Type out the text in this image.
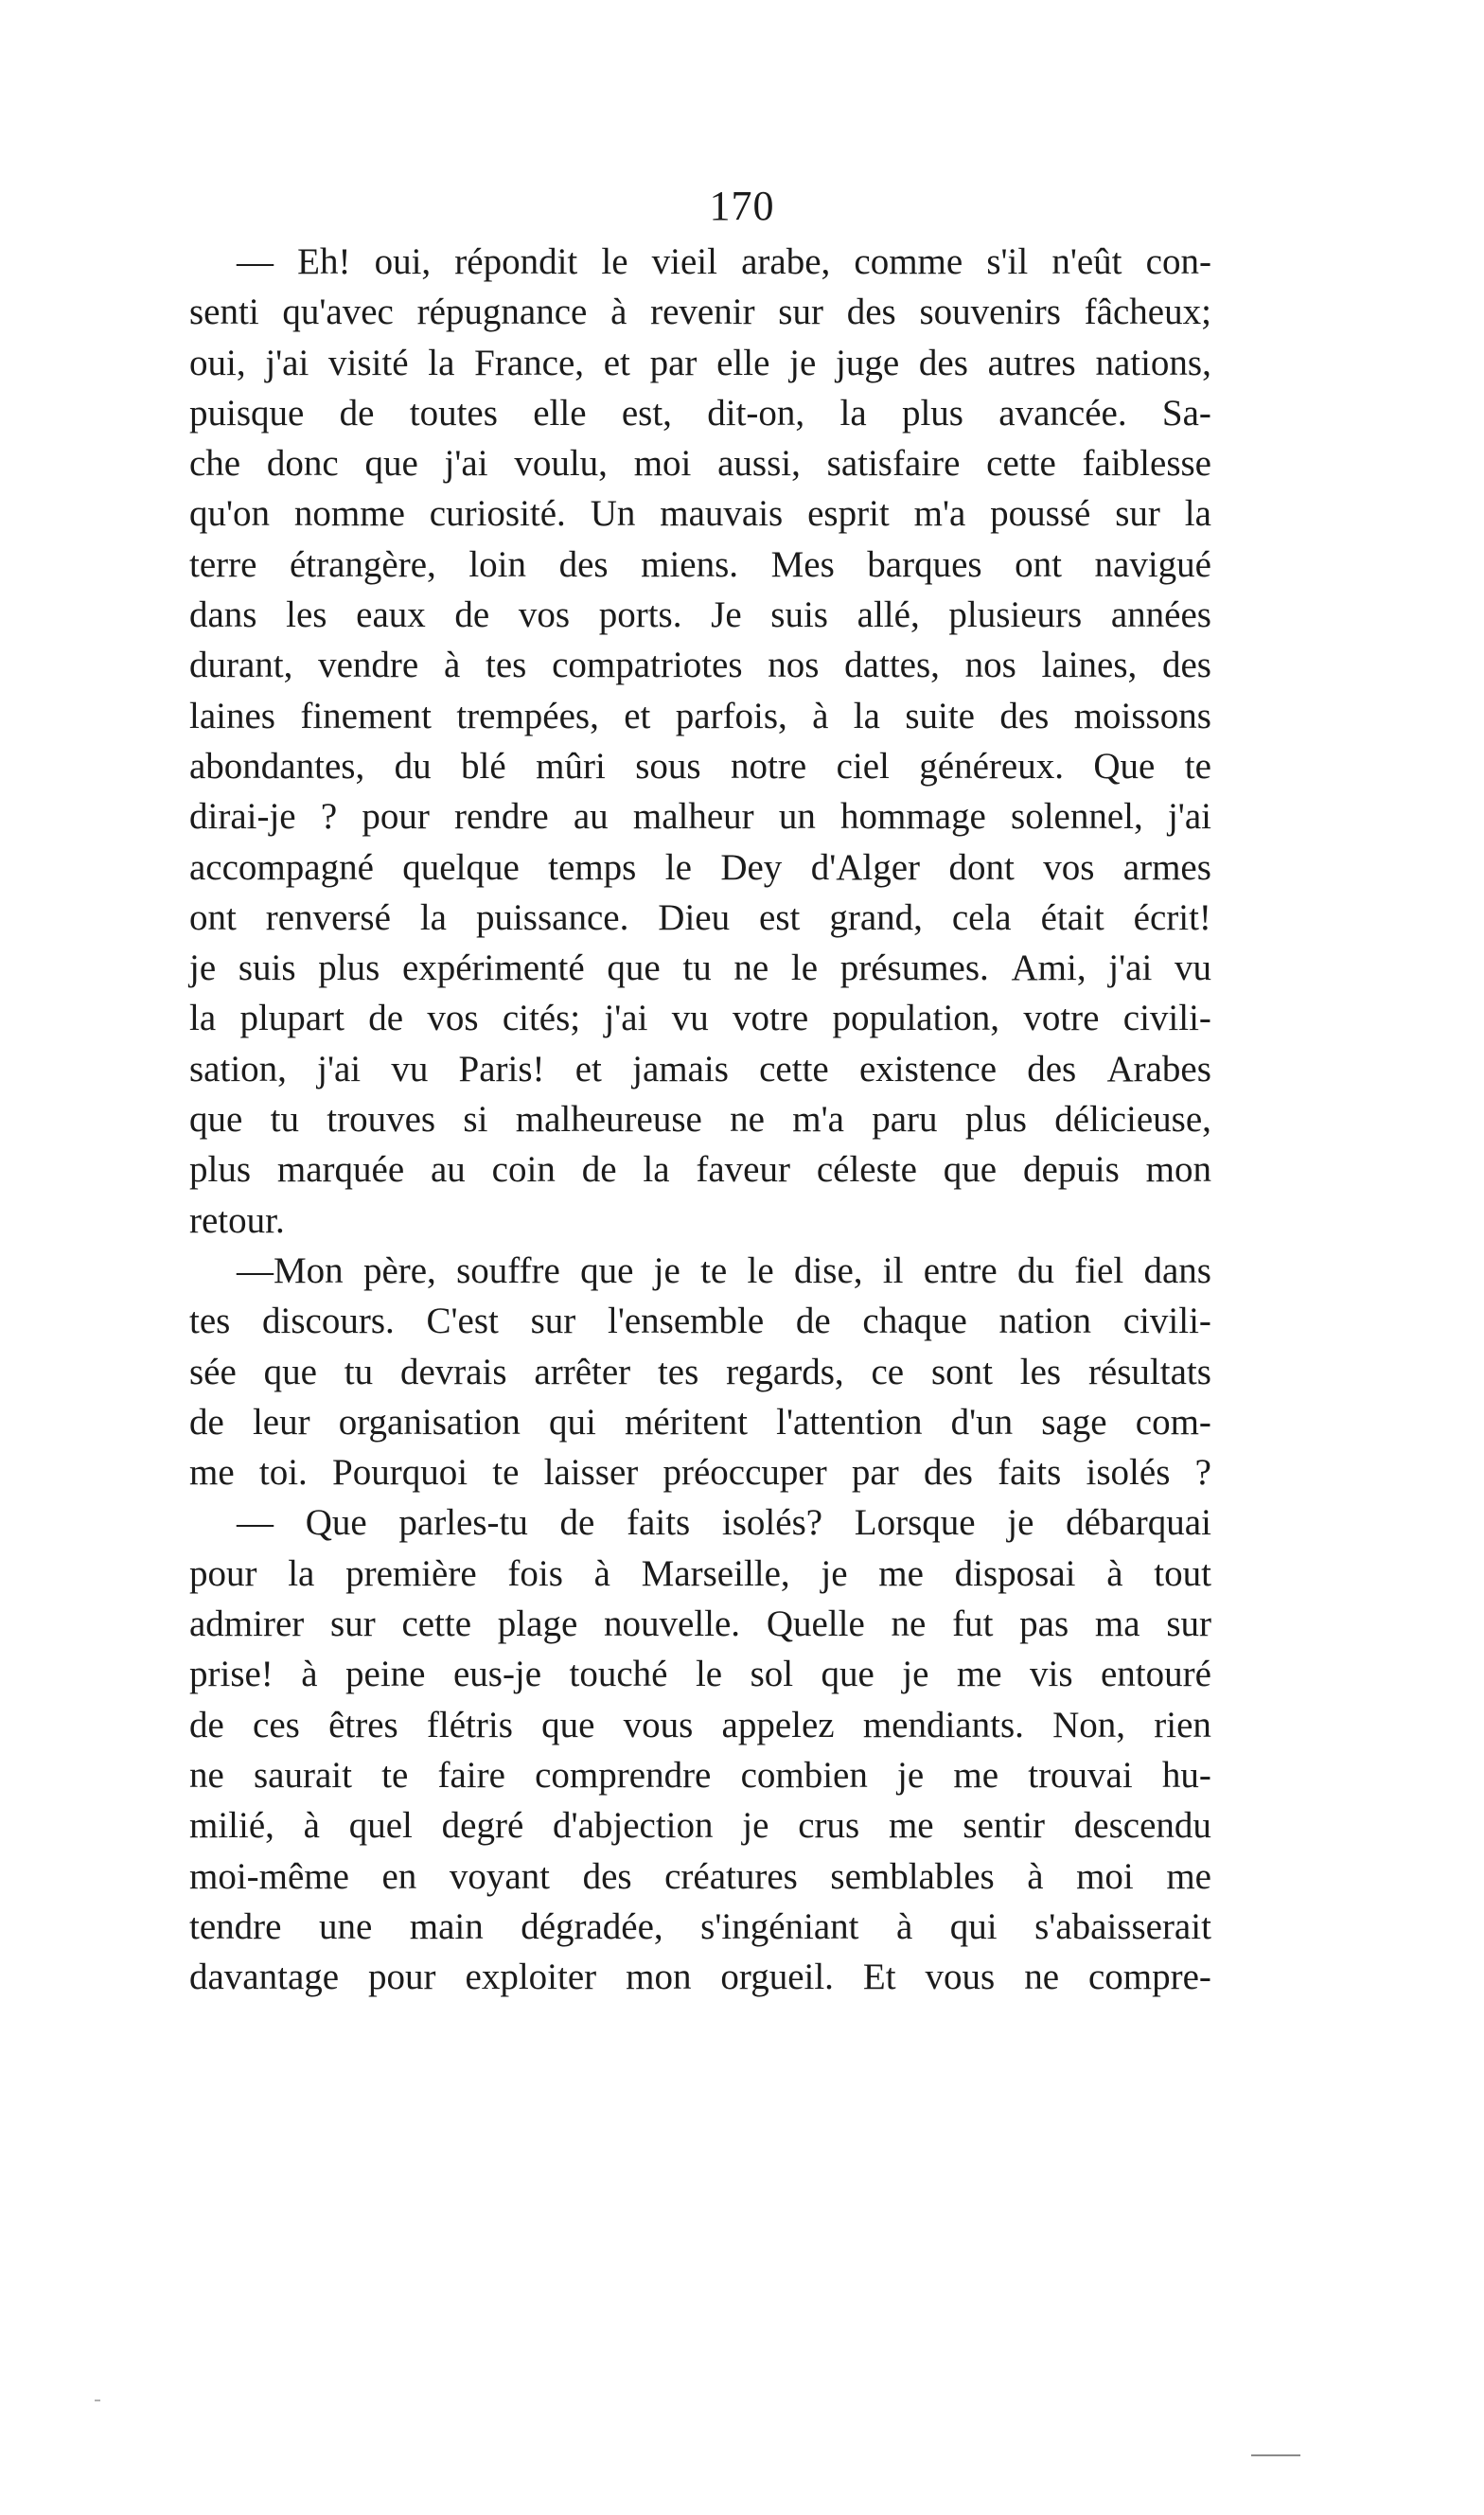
170
— Eh! oui, répondit le vieil arabe, comme s'il n'eût con-
senti qu'avec répugnance à revenir sur des souvenirs fâcheux;
oui, j'ai visité la France, et par elle je juge des autres nations,
puisque de toutes elle est, dit-on, la plus avancée. Sa-
che donc que j'ai voulu, moi aussi, satisfaire cette faiblesse
qu'on nomme curiosité. Un mauvais esprit m'a poussé sur la
terre étrangère, loin des miens. Mes barques ont navigué
dans les eaux de vos ports. Je suis allé, plusieurs années
durant, vendre à tes compatriotes nos dattes, nos laines, des
laines finement trempées, et parfois, à la suite des moissons
abondantes, du blé mûri sous notre ciel généreux. Que te
dirai-je ? pour rendre au malheur un hommage solennel, j'ai
accompagné quelque temps le Dey d'Alger dont vos armes
ont renversé la puissance. Dieu est grand, cela était écrit!
je suis plus expérimenté que tu ne le présumes. Ami, j'ai vu
la plupart de vos cités; j'ai vu votre population, votre civili-
sation, j'ai vu Paris! et jamais cette existence des Arabes
que tu trouves si malheureuse ne m'a paru plus délicieuse,
plus marquée au coin de la faveur céleste que depuis mon
retour.
—Mon père, souffre que je te le dise, il entre du fiel dans
tes discours. C'est sur l'ensemble de chaque nation civili-
sée que tu devrais arrêter tes regards, ce sont les résultats
de leur organisation qui méritent l'attention d'un sage com-
me toi. Pourquoi te laisser préoccuper par des faits isolés ?
— Que parles-tu de faits isolés? Lorsque je débarquai
pour la première fois à Marseille, je me disposai à tout
admirer sur cette plage nouvelle. Quelle ne fut pas ma sur
prise! à peine eus-je touché le sol que je me vis entouré
de ces êtres flétris que vous appelez mendiants. Non, rien
ne saurait te faire comprendre combien je me trouvai hu-
milié, à quel degré d'abjection je crus me sentir descendu
moi-même en voyant des créatures semblables à moi me
tendre une main dégradée, s'ingéniant à qui s'abaisserait
davantage pour exploiter mon orgueil. Et vous ne compre-
